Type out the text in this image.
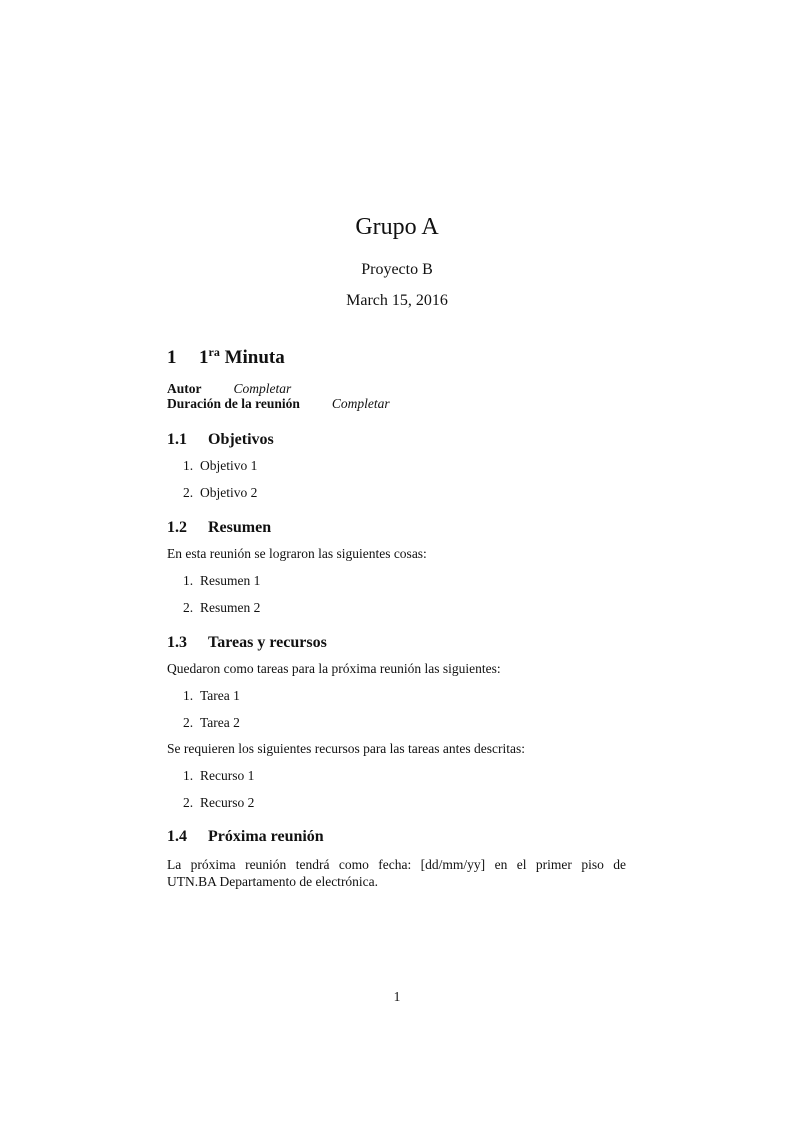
Grupo A
Proyecto B
March 15, 2016
1 $1^{ra}$ Minuta
Autor Completar
Duración de la reunión Completar
1.1 Objetivos
1. Objetivo 1
2. Objetivo 2
1.2 Resumen
En esta reunión se lograron las siguientes cosas:
1. Resumen 1
2. Resumen 2
1.3 Tareas y recursos
Quedaron como tareas para la próxima reunión las siguientes:
1. Tarea 1
2. Tarea 2
Se requieren los siguientes recursos para las tareas antes descritas:
1. Recurso 1
2. Recurso 2
1.4 Próxima reunión
La próxima reunión tendrá como fecha: [dd/mm/yy] en el primer piso de
UTN.BA Departamento de electrónica.
1
